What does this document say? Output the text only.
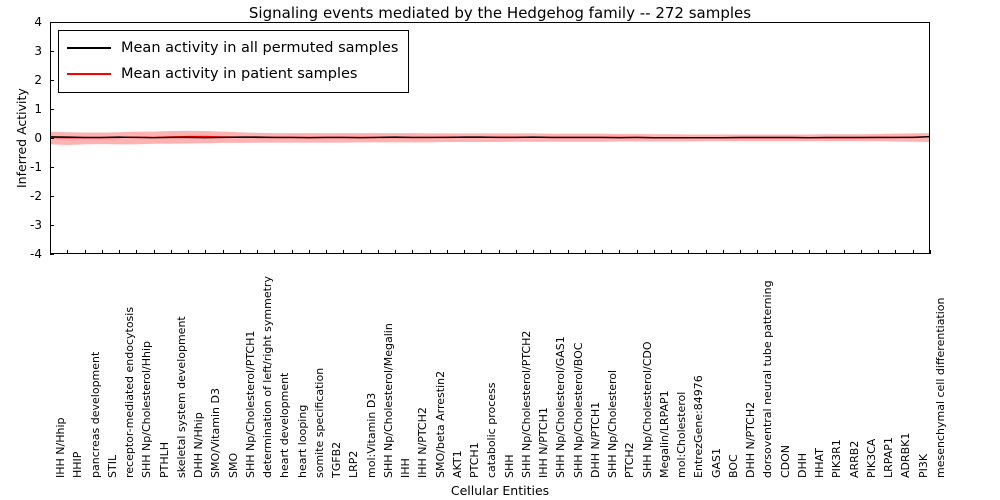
Signaling events mediated by the Hedgehog family -- 272 samples
-4
-3
-2
-1
0
1
2
3
4
IHH N/Hhip HHIP pancreas development STIL receptor-mediated endocytosis SHH Np/Cholesterol/Hhip PTHLH skeletal system development DHH N/Hhip SMO/Vitamin D3 SMO SHH Np/Cholesterol/PTCH1 determination of left/right symmetry heart development heart looping somite specification TGFB2 LRP2 mol:Vitamin D3 SHH Np/Cholesterol/Megalin IHH IHH N/PTCH2 SMO/beta Arrestin2 AKT1 PTCH1 catabolic process SHH SHH Np/Cholesterol/PTCH2 IHH N/PTCH1 SHH Np/Cholesterol/GAS1 SHH Np/Cholesterol/BOC DHH N/PTCH1 SHH Np/Cholesterol PTCH2 SHH Np/Cholesterol/CDO Megalin/LRPAP1 mol:Cholesterol EntrezGene:84976 GAS1 BOC DHH N/PTCH2 dorsoventral neural tube patterning CDON DHH HHAT PIK3R1 ARRB2 PIK3CA LRPAP1 ADRBK1 PI3K mesenchymal cell differentiation
Inferred Activity
Cellular Entities
Mean activity in all permuted samples
Mean activity in patient samples
